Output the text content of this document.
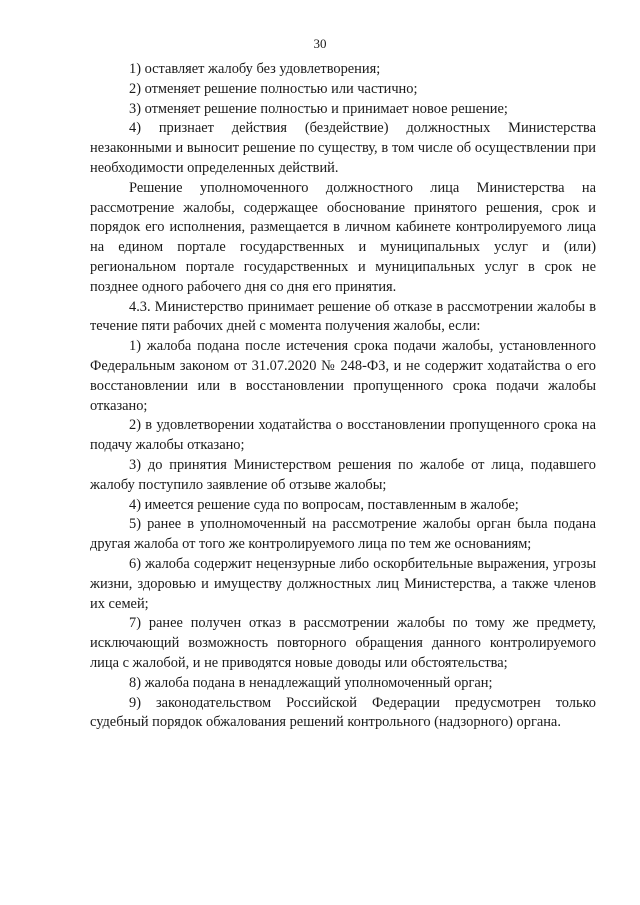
30

1) оставляет жалобу без удовлетворения;

2) отменяет решение полностью или частично;

3) отменяет решение полностью и принимает новое решение;

4) признает действия (бездействие) должностных Министерства незаконными и выносит решение по существу, в том числе об осуществлении при необходимости определенных действий.

Решение уполномоченного должностного лица Министерства на рассмотрение жалобы, содержащее обоснование принятого решения, срок и порядок его исполнения, размещается в личном кабинете контролируемого лица на едином портале государственных и муниципальных услуг и (или) региональном портале государственных и муниципальных услуг в срок не позднее одного рабочего дня со дня его принятия.

4.3. Министерство принимает решение об отказе в рассмотрении жалобы в течение пяти рабочих дней с момента получения жалобы, если:

1) жалоба подана после истечения срока подачи жалобы, установленного Федеральным законом от 31.07.2020 № 248-ФЗ, и не содержит ходатайства о его восстановлении или в восстановлении пропущенного срока подачи жалобы отказано;

2) в удовлетворении ходатайства о восстановлении пропущенного срока на подачу жалобы отказано;

3) до принятия Министерством решения по жалобе от лица, подавшего жалобу поступило заявление об отзыве жалобы;

4) имеется решение суда по вопросам, поставленным в жалобе;

5) ранее в уполномоченный на рассмотрение жалобы орган была подана другая жалоба от того же контролируемого лица по тем же основаниям;

6) жалоба содержит нецензурные либо оскорбительные выражения, угрозы жизни, здоровью и имуществу должностных лиц Министерства, а также членов их семей;

7) ранее получен отказ в рассмотрении жалобы по тому же предмету, исключающий возможность повторного обращения данного контролируемого лица с жалобой, и не приводятся новые доводы или обстоятельства;

8) жалоба подана в ненадлежащий уполномоченный орган;

9) законодательством Российской Федерации предусмотрен только судебный порядок обжалования решений контрольного (надзорного) органа.
